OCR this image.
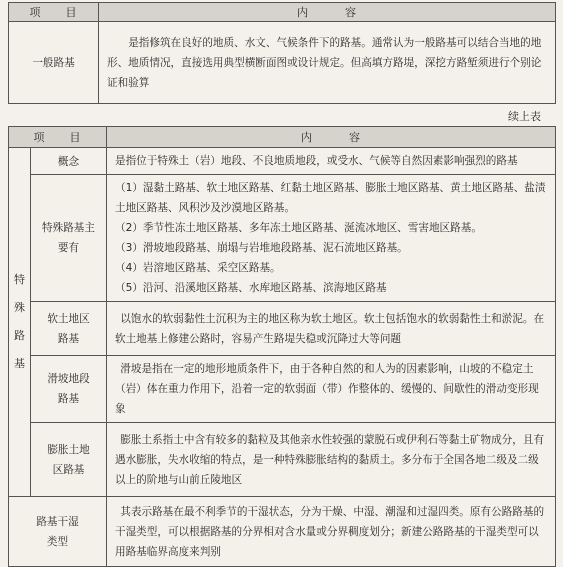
项　　目	内　　　容
一般路基	是指修筑在良好的地质、水文、气候条件下的路基。通常认为一般路基可以结合当地的地形、地质情况，直接选用典型横断面图或设计规定。但高填方路堤，深挖方路堑须进行个别论证和验算

续上表
项　　目		内　　　容

特
殊
路
基	概念	是指位于特殊土（岩）地段、不良地质地段，或受水、气候等自然因素影响强烈的路基

	特殊路基主要有	（1）湿黏土路基、软土地区路基、红黏土地区路基、膨胀土地区路基、黄土地区路基、盐渍土地区路基、风积沙及沙漠地区路基。

（2）季节性冻土地区路基、多年冻土地区路基、涎流冰地区、雪害地区路基。

（3）滑坡地段路基、崩塌与岩堆地段路基、泥石流地区路基。

（4）岩溶地区路基、采空区路基。

（5）沿河、沿溪地区路基、水库地区路基、滨海地区路基

	软土地区路基	以饱水的软弱黏性土沉积为主的地区称为软土地区。软土包括饱水的软弱黏性土和淤泥。在软土地基上修建公路时，容易产生路堤失稳或沉降过大等问题

	滑坡地段路基	滑坡是指在一定的地形地质条件下，由于各种自然的和人为的因素影响，山坡的不稳定土（岩）体在重力作用下，沿着一定的软弱面（带）作整体的、缓慢的、间歇性的滑动变形现象

	膨胀土地区路基	膨胀土系指土中含有较多的黏粒及其他亲水性较强的蒙脱石或伊利石等黏土矿物成分，且有遇水膨胀，失水收缩的特点，是一种特殊膨胀结构的黏质土。多分布于全国各地二级及二级以上的阶地与山前丘陵地区

路基干湿类型		其表示路基在最不利季节的干湿状态，分为干燥、中湿、潮湿和过湿四类。原有公路路基的干湿类型，可以根据路基的分界相对含水量或分界稠度划分；新建公路路基的干湿类型可以用路基临界高度来判别
